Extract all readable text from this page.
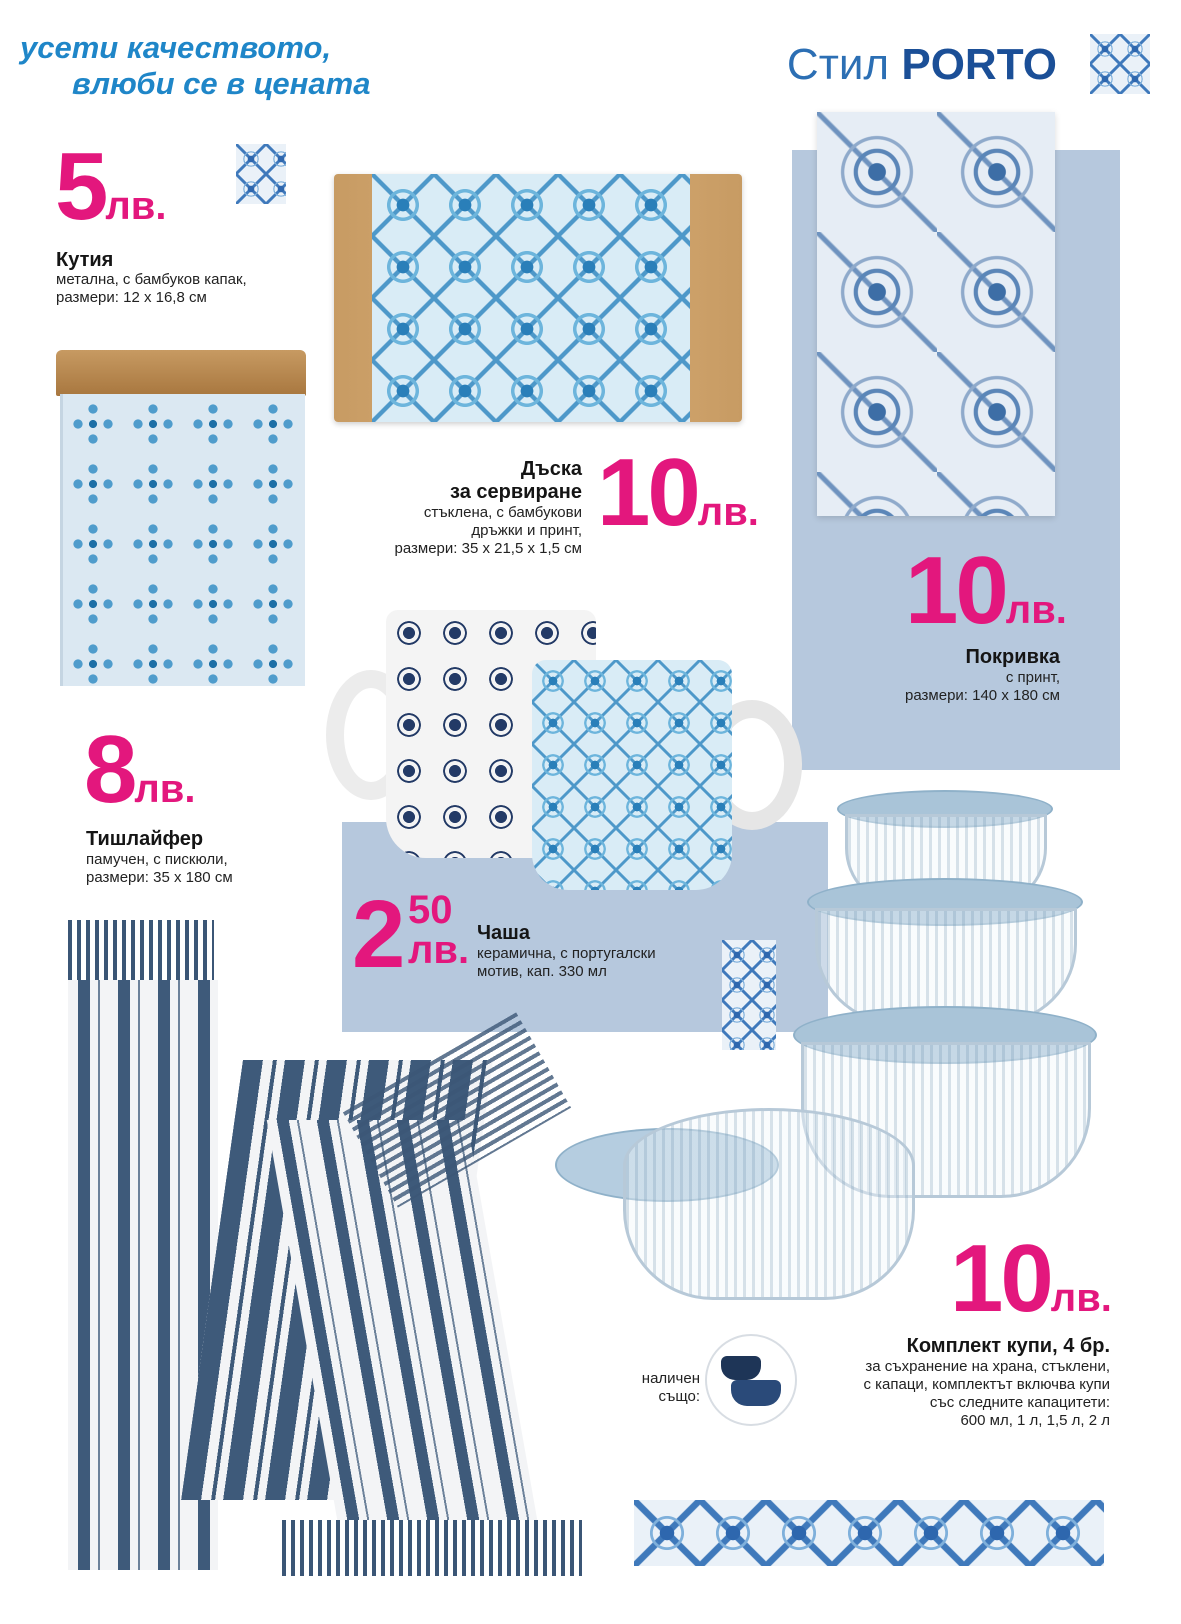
усети качеството,
влюби се в цената	Стил PORTO
5лв.
Кутия
метална, с бамбуков капак,
размери: 12 х 16,8 см
Дъска
за сервиране
стъклена, с бамбукови
дръжки и принт,
размери: 35 х 21,5 х 1,5 см
10лв.
10лв.
Покривка
с принт,
размери: 140 х 180 см
2 50
лв. Чаша
керамична, с португалски
мотив, кап. 330 мл
8лв.
Тишлайфер
памучен, с пискюли,
размери: 35 х 180 см
10лв.
Комплект купи, 4 бр.
за съхранение на храна, стъклени,
с капаци, комплектът включва купи
със следните капацитети:
600 мл, 1 л, 1,5 л, 2 л
наличен
също:
